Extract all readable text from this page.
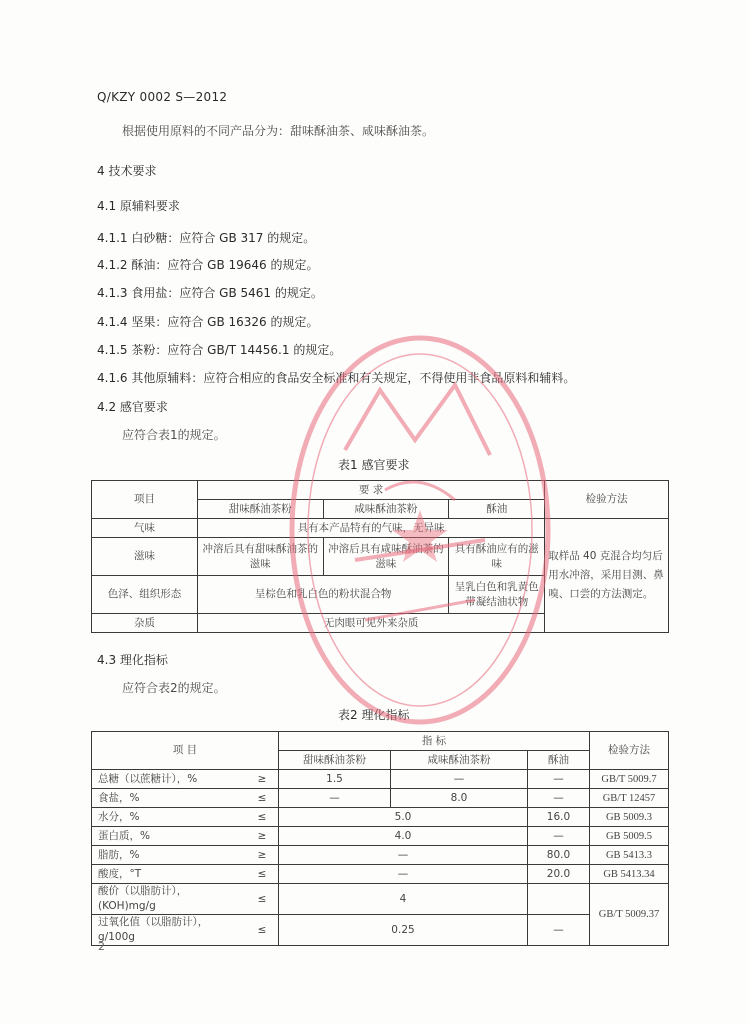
Q/KZY 0002 S—2012
根据使用原料的不同产品分为：甜味酥油茶、咸味酥油茶。
4 技术要求
4.1 原辅料要求
4.1.1 白砂糖：应符合 GB 317 的规定。
4.1.2 酥油：应符合 GB 19646 的规定。
4.1.3 食用盐：应符合 GB 5461 的规定。
4.1.4 坚果：应符合 GB 16326 的规定。
4.1.5 茶粉：应符合 GB/T 14456.1 的规定。
4.1.6 其他原辅料：应符合相应的食品安全标准和有关规定，不得使用非食品原料和辅料。
4.2 感官要求
应符合表1的规定。
表1 感官要求
项目	要 求			检验方法
	甜味酥油茶粉	咸味酥油茶粉	酥油	
气味	具有本产品特有的气味，无异味			取样品 40 克混合均匀后用水冲溶，采用目测、鼻嗅、口尝的方法测定。
滋味	冲溶后具有甜味酥油茶的滋味	冲溶后具有咸味酥油茶的滋味	具有酥油应有的滋味	
色泽、组织形态	呈棕色和乳白色的粉状混合物		呈乳白色和乳黄色带凝结油状物	
杂质	无肉眼可见外来杂质			
4.3 理化指标
应符合表2的规定。
表2 理化指标
项 目		指 标			检验方法
		甜味酥油茶粉	咸味酥油茶粉	酥油	
总糖（以蔗糖计），%	≥	1.5	—	—	GB/T 5009.7
食盐，%	≤	—	8.0	—	GB/T 12457
水分，%	≤	5.0		16.0	GB 5009.3
蛋白质，%	≥	4.0		—	GB 5009.5
脂肪，%	≥	—		80.0	GB 5413.3
酸度，°T	≤	—		20.0	GB 5413.34
酸价（以脂肪计），(KOH)mg/g	≤	4			GB/T 5009.37
过氧化值（以脂肪计），g/100g	≤	0.25		—	
2
